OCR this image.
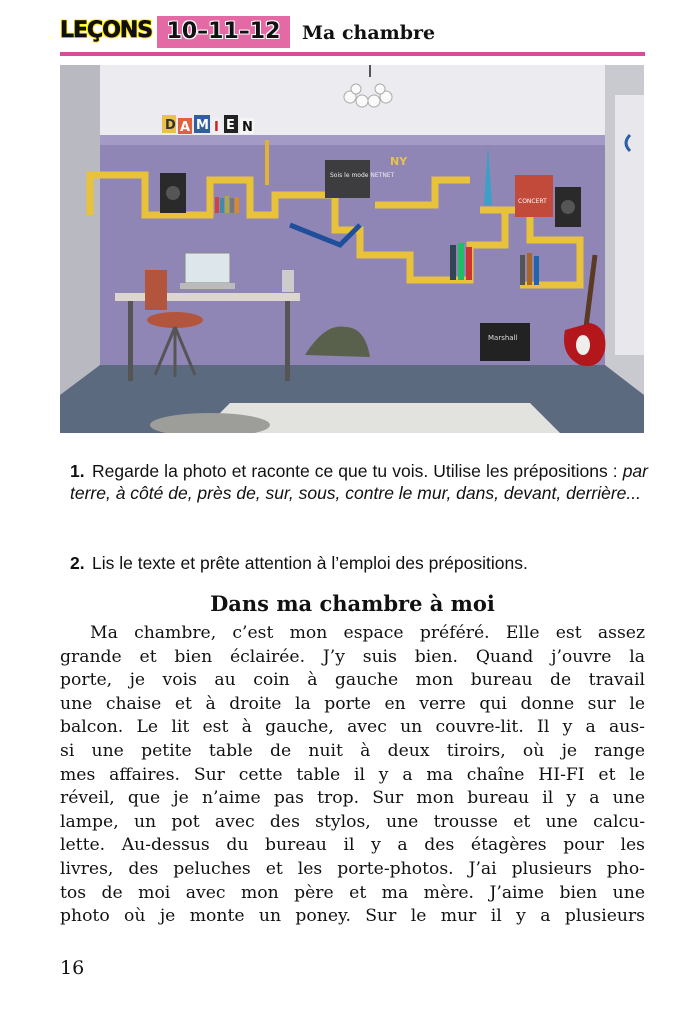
LEÇONS 10–11–12	Ma chambre
D A M I E N
Sois le mode NETNET
NY
CONCERT
Marshall
1. Regarde la photo et raconte ce que tu vois. Utilise les prépositions : par terre, à côté de, près de, sur, sous, contre le mur, dans, devant, derrière...
2. Lis le texte et prête attention à l’emploi des prépositions.
Dans ma chambre à moi
Ma chambre, c’est mon espace préféré. Elle est assez
grande et bien éclairée. J’y suis bien. Quand j’ouvre la
porte, je vois au coin à gauche mon bureau de travail
une chaise et à droite la porte en verre qui donne sur le
balcon. Le lit est à gauche, avec un couvre-lit. Il y a aus-
si une petite table de nuit à deux tiroirs, où je range
mes affaires. Sur cette table il y a ma chaîne HI-FI et le
réveil, que je n’aime pas trop. Sur mon bureau il y a une
lampe, un pot avec des stylos, une trousse et une calcu-
lette. Au-dessus du bureau il y a des étagères pour les
livres, des peluches et les porte-photos. J’ai plusieurs pho-
tos de moi avec mon père et ma mère. J’aime bien une
photo où je monte un poney. Sur le mur il y a plusieurs
16
